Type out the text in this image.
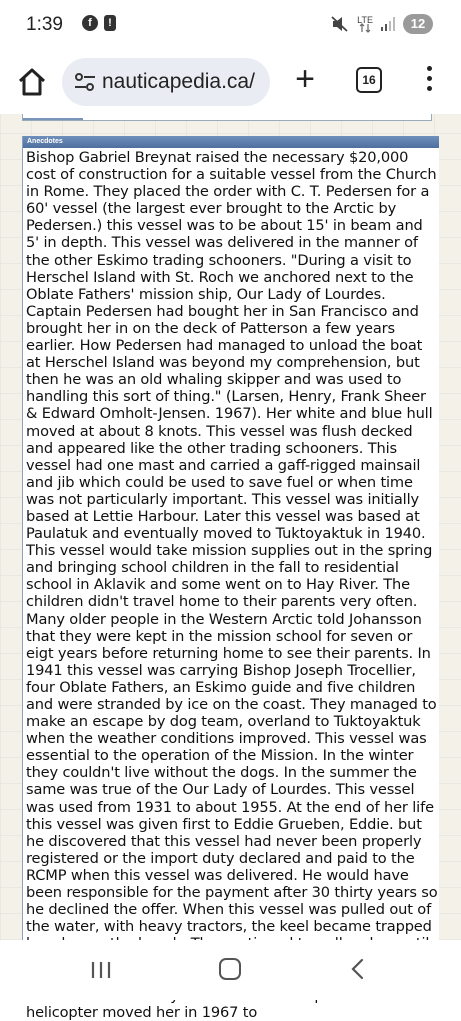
1:39	f	!	LTE	12
nauticapedia.ca/ +	16
Anecdotes
Bishop Gabriel Breynat raised the necessary $20,000 cost of construction for a suitable vessel from the Church in Rome. They placed the order with C. T. Pedersen for a 60' vessel (the largest ever brought to the Arctic by Pedersen.) this vessel was to be about 15' in beam and 5' in depth. This vessel was delivered in the manner of the other Eskimo trading schooners. "During a visit to Herschel Island with St. Roch we anchored next to the Oblate Fathers' mission ship, Our Lady of Lourdes. Captain Pedersen had bought her in San Francisco and brought her in on the deck of Patterson a few years earlier. How Pedersen had managed to unload the boat at Herschel Island was beyond my comprehension, but then he was an old whaling skipper and was used to handling this sort of thing." (Larsen, Henry, Frank Sheer & Edward Omholt-Jensen. 1967). Her white and blue hull moved at about 8 knots. This vessel was flush decked and appeared like the other trading schooners. This vessel had one mast and carried a gaff-rigged mainsail and jib which could be used to save fuel or when time was not particularly important. This vessel was initially based at Lettie Harbour. Later this vessel was based at Paulatuk and eventually moved to Tuktoyaktuk in 1940. This vessel would take mission supplies out in the spring and bringing school children in the fall to residential school in Aklavik and some went on to Hay River. The children didn't travel home to their parents very often. Many older people in the Western Arctic told Johansson that they were kept in the mission school for seven or eigt years before returning home to see their parents. In 1941 this vessel was carrying Bishop Joseph Trocellier, four Oblate Fathers, an Eskimo guide and five children and were stranded by ice on the coast. They managed to make an escape by dog team, overland to Tuktoyaktuk when the weather conditions improved. This vessel was essential to the operation of the Mission. In the winter they couldn't live without the dogs. In the summer the same was true of the Our Lady of Lourdes. This vessel was used from 1931 to about 1955. At the end of her life this vessel was given first to Eddie Grueben, Eddie. but he discovered that this vessel had never been properly registered or the import duty declared and paid to the RCMP when this vessel was delivered. He would have been responsible for the payment after 30 thirty years so he declined the offer. When this vessel was pulled out of the water, with heavy tractors, the keel became trapped helicopter moved her in 1967 to
